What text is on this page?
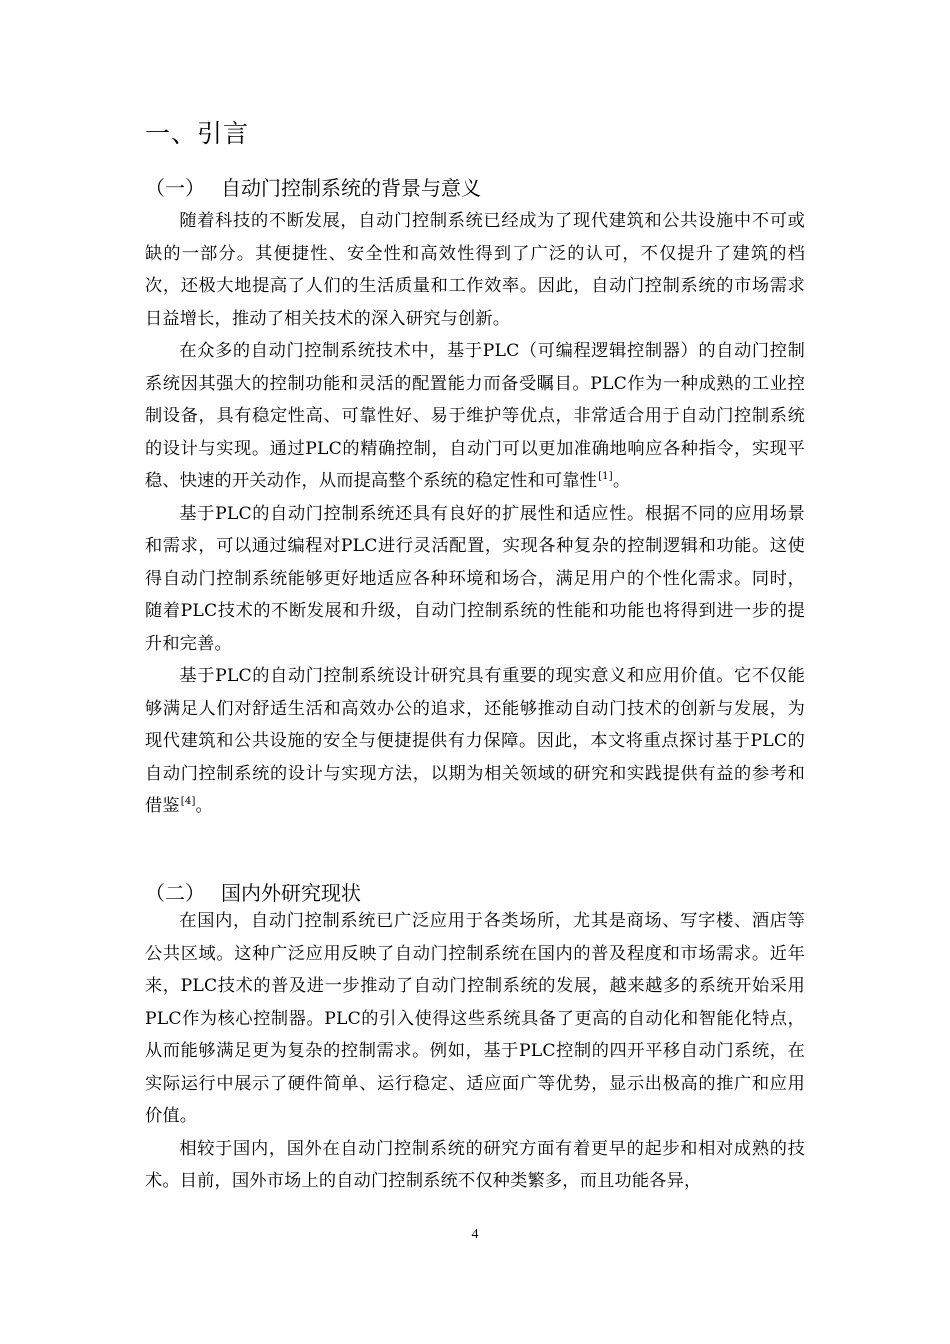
一、引言
（一） 自动门控制系统的背景与意义

随着科技的不断发展，自动门控制系统已经成为了现代建筑和公共设施中不可或缺的一部分。其便捷性、安全性和高效性得到了广泛的认可，不仅提升了建筑的档次，还极大地提高了人们的生活质量和工作效率。因此，自动门控制系统的市场需求日益增长，推动了相关技术的深入研究与创新。

在众多的自动门控制系统技术中，基于PLC（可编程逻辑控制器）的自动门控制系统因其强大的控制功能和灵活的配置能力而备受瞩目。PLC作为一种成熟的工业控制设备，具有稳定性高、可靠性好、易于维护等优点，非常适合用于自动门控制系统的设计与实现。通过PLC的精确控制，自动门可以更加准确地响应各种指令，实现平稳、快速的开关动作，从而提高整个系统的稳定性和可靠性[1]。

基于PLC的自动门控制系统还具有良好的扩展性和适应性。根据不同的应用场景和需求，可以通过编程对PLC进行灵活配置，实现各种复杂的控制逻辑和功能。这使得自动门控制系统能够更好地适应各种环境和场合，满足用户的个性化需求。同时，随着PLC技术的不断发展和升级，自动门控制系统的性能和功能也将得到进一步的提升和完善。

基于PLC的自动门控制系统设计研究具有重要的现实意义和应用价值。它不仅能够满足人们对舒适生活和高效办公的追求，还能够推动自动门技术的创新与发展，为现代建筑和公共设施的安全与便捷提供有力保障。因此，本文将重点探讨基于PLC的自动门控制系统的设计与实现方法，以期为相关领域的研究和实践提供有益的参考和借鉴[4]。

（二） 国内外研究现状

在国内，自动门控制系统已广泛应用于各类场所，尤其是商场、写字楼、酒店等公共区域。这种广泛应用反映了自动门控制系统在国内的普及程度和市场需求。近年来，PLC技术的普及进一步推动了自动门控制系统的发展，越来越多的系统开始采用PLC作为核心控制器。PLC的引入使得这些系统具备了更高的自动化和智能化特点，从而能够满足更为复杂的控制需求。例如，基于PLC控制的四开平移自动门系统，在实际运行中展示了硬件简单、运行稳定、适应面广等优势，显示出极高的推广和应用价值。

相较于国内，国外在自动门控制系统的研究方面有着更早的起步和相对成熟的技术。目前，国外市场上的自动门控制系统不仅种类繁多，而且功能各异，

4
